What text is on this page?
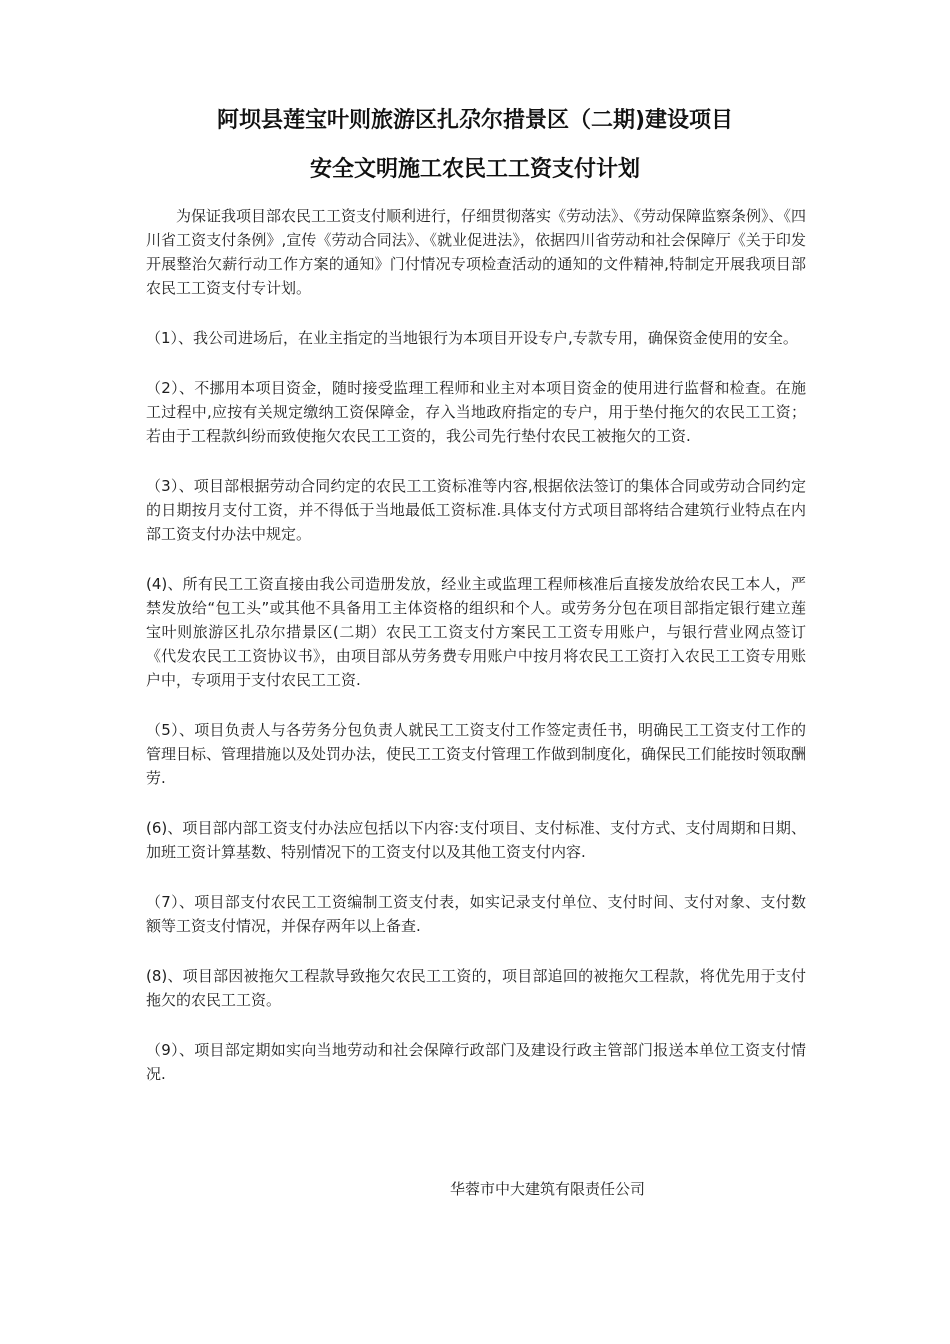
阿坝县莲宝叶则旅游区扎尕尔措景区（二期)建设项目
安全文明施工农民工工资支付计划

为保证我项目部农民工工资支付顺利进行，仔细贯彻落实《劳动法》、《劳动保障监察条例》、《四川省工资支付条例》,宣传《劳动合同法》、《就业促进法》，依据四川省劳动和社会保障厅《关于印发开展整治欠薪行动工作方案的通知》门付情况专项检查活动的通知的文件精神,特制定开展我项目部农民工工资支付专计划。

（1）、我公司进场后，在业主指定的当地银行为本项目开设专户,专款专用，确保资金使用的安全。

（2）、不挪用本项目资金，随时接受监理工程师和业主对本项目资金的使用进行监督和检查。在施工过程中,应按有关规定缴纳工资保障金，存入当地政府指定的专户，用于垫付拖欠的农民工工资；若由于工程款纠纷而致使拖欠农民工工资的，我公司先行垫付农民工被拖欠的工资.

（3）、项目部根据劳动合同约定的农民工工资标准等内容,根据依法签订的集体合同或劳动合同约定的日期按月支付工资，并不得低于当地最低工资标准.具体支付方式项目部将结合建筑行业特点在内部工资支付办法中规定。

(4)、所有民工工资直接由我公司造册发放，经业主或监理工程师核准后直接发放给农民工本人，严禁发放给“包工头”或其他不具备用工主体资格的组织和个人。或劳务分包在项目部指定银行建立莲宝叶则旅游区扎尕尔措景区(二期）农民工工资支付方案民工工资专用账户，与银行营业网点签订《代发农民工工资协议书》，由项目部从劳务费专用账户中按月将农民工工资打入农民工工资专用账户中，专项用于支付农民工工资.

（5）、项目负责人与各劳务分包负责人就民工工资支付工作签定责任书，明确民工工资支付工作的管理目标、管理措施以及处罚办法，使民工工资支付管理工作做到制度化，确保民工们能按时领取酬劳.

(6)、项目部内部工资支付办法应包括以下内容:支付项目、支付标准、支付方式、支付周期和日期、加班工资计算基数、特别情况下的工资支付以及其他工资支付内容.

（7）、项目部支付农民工工资编制工资支付表，如实记录支付单位、支付时间、支付对象、支付数额等工资支付情况，并保存两年以上备查.

(8)、项目部因被拖欠工程款导致拖欠农民工工资的，项目部追回的被拖欠工程款，将优先用于支付拖欠的农民工工资。

（9）、项目部定期如实向当地劳动和社会保障行政部门及建设行政主管部门报送本单位工资支付情况.

华蓉市中大建筑有限责任公司
